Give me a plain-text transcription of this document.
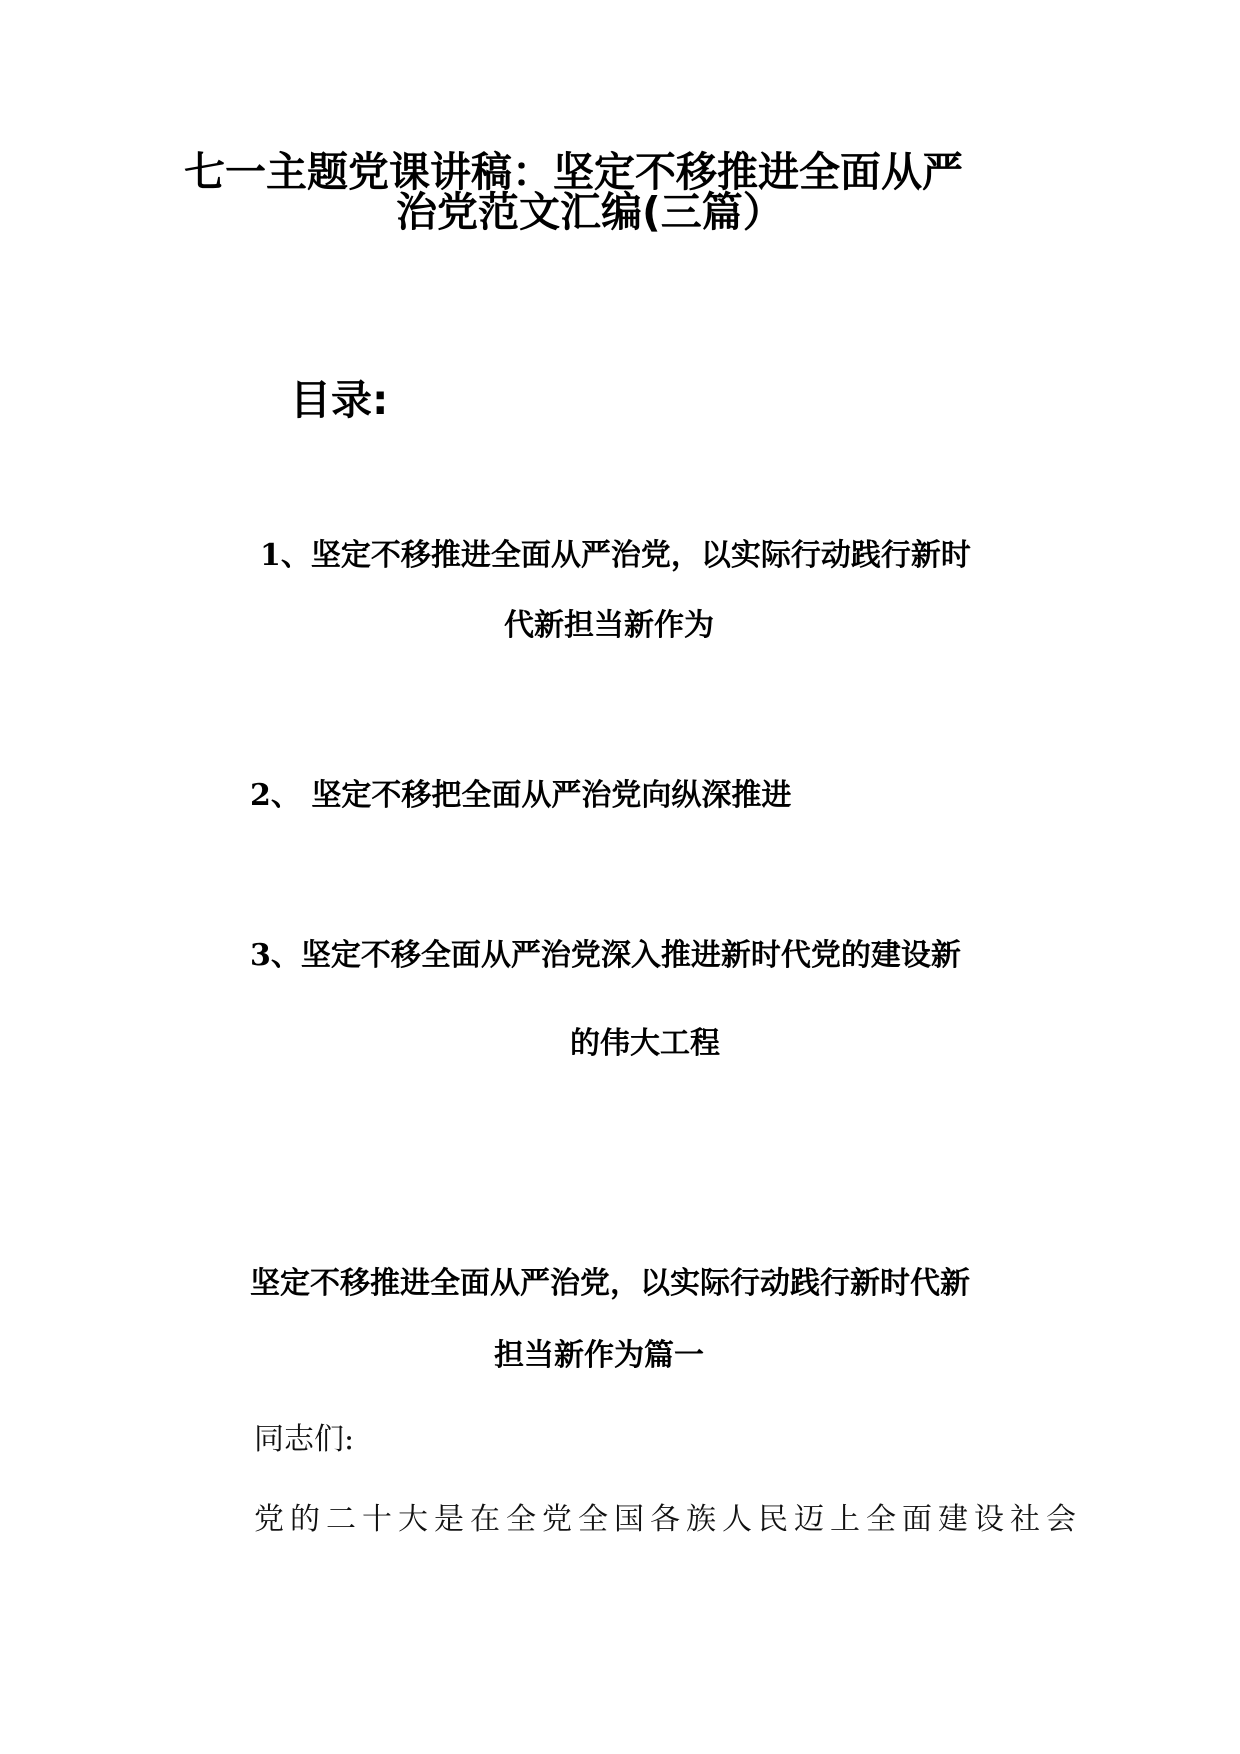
七一主题党课讲稿：坚定不移推进全面从严
治党范文汇编(三篇）
目录:
1、坚定不移推进全面从严治党，以实际行动践行新时
代新担当新作为
2、 坚定不移把全面从严治党向纵深推进
3、坚定不移全面从严治党深入推进新时代党的建设新
的伟大工程
坚定不移推进全面从严治党，以实际行动践行新时代新
担当新作为篇一
同志们:
党的二十大是在全党全国各族人民迈上全面建设社会
